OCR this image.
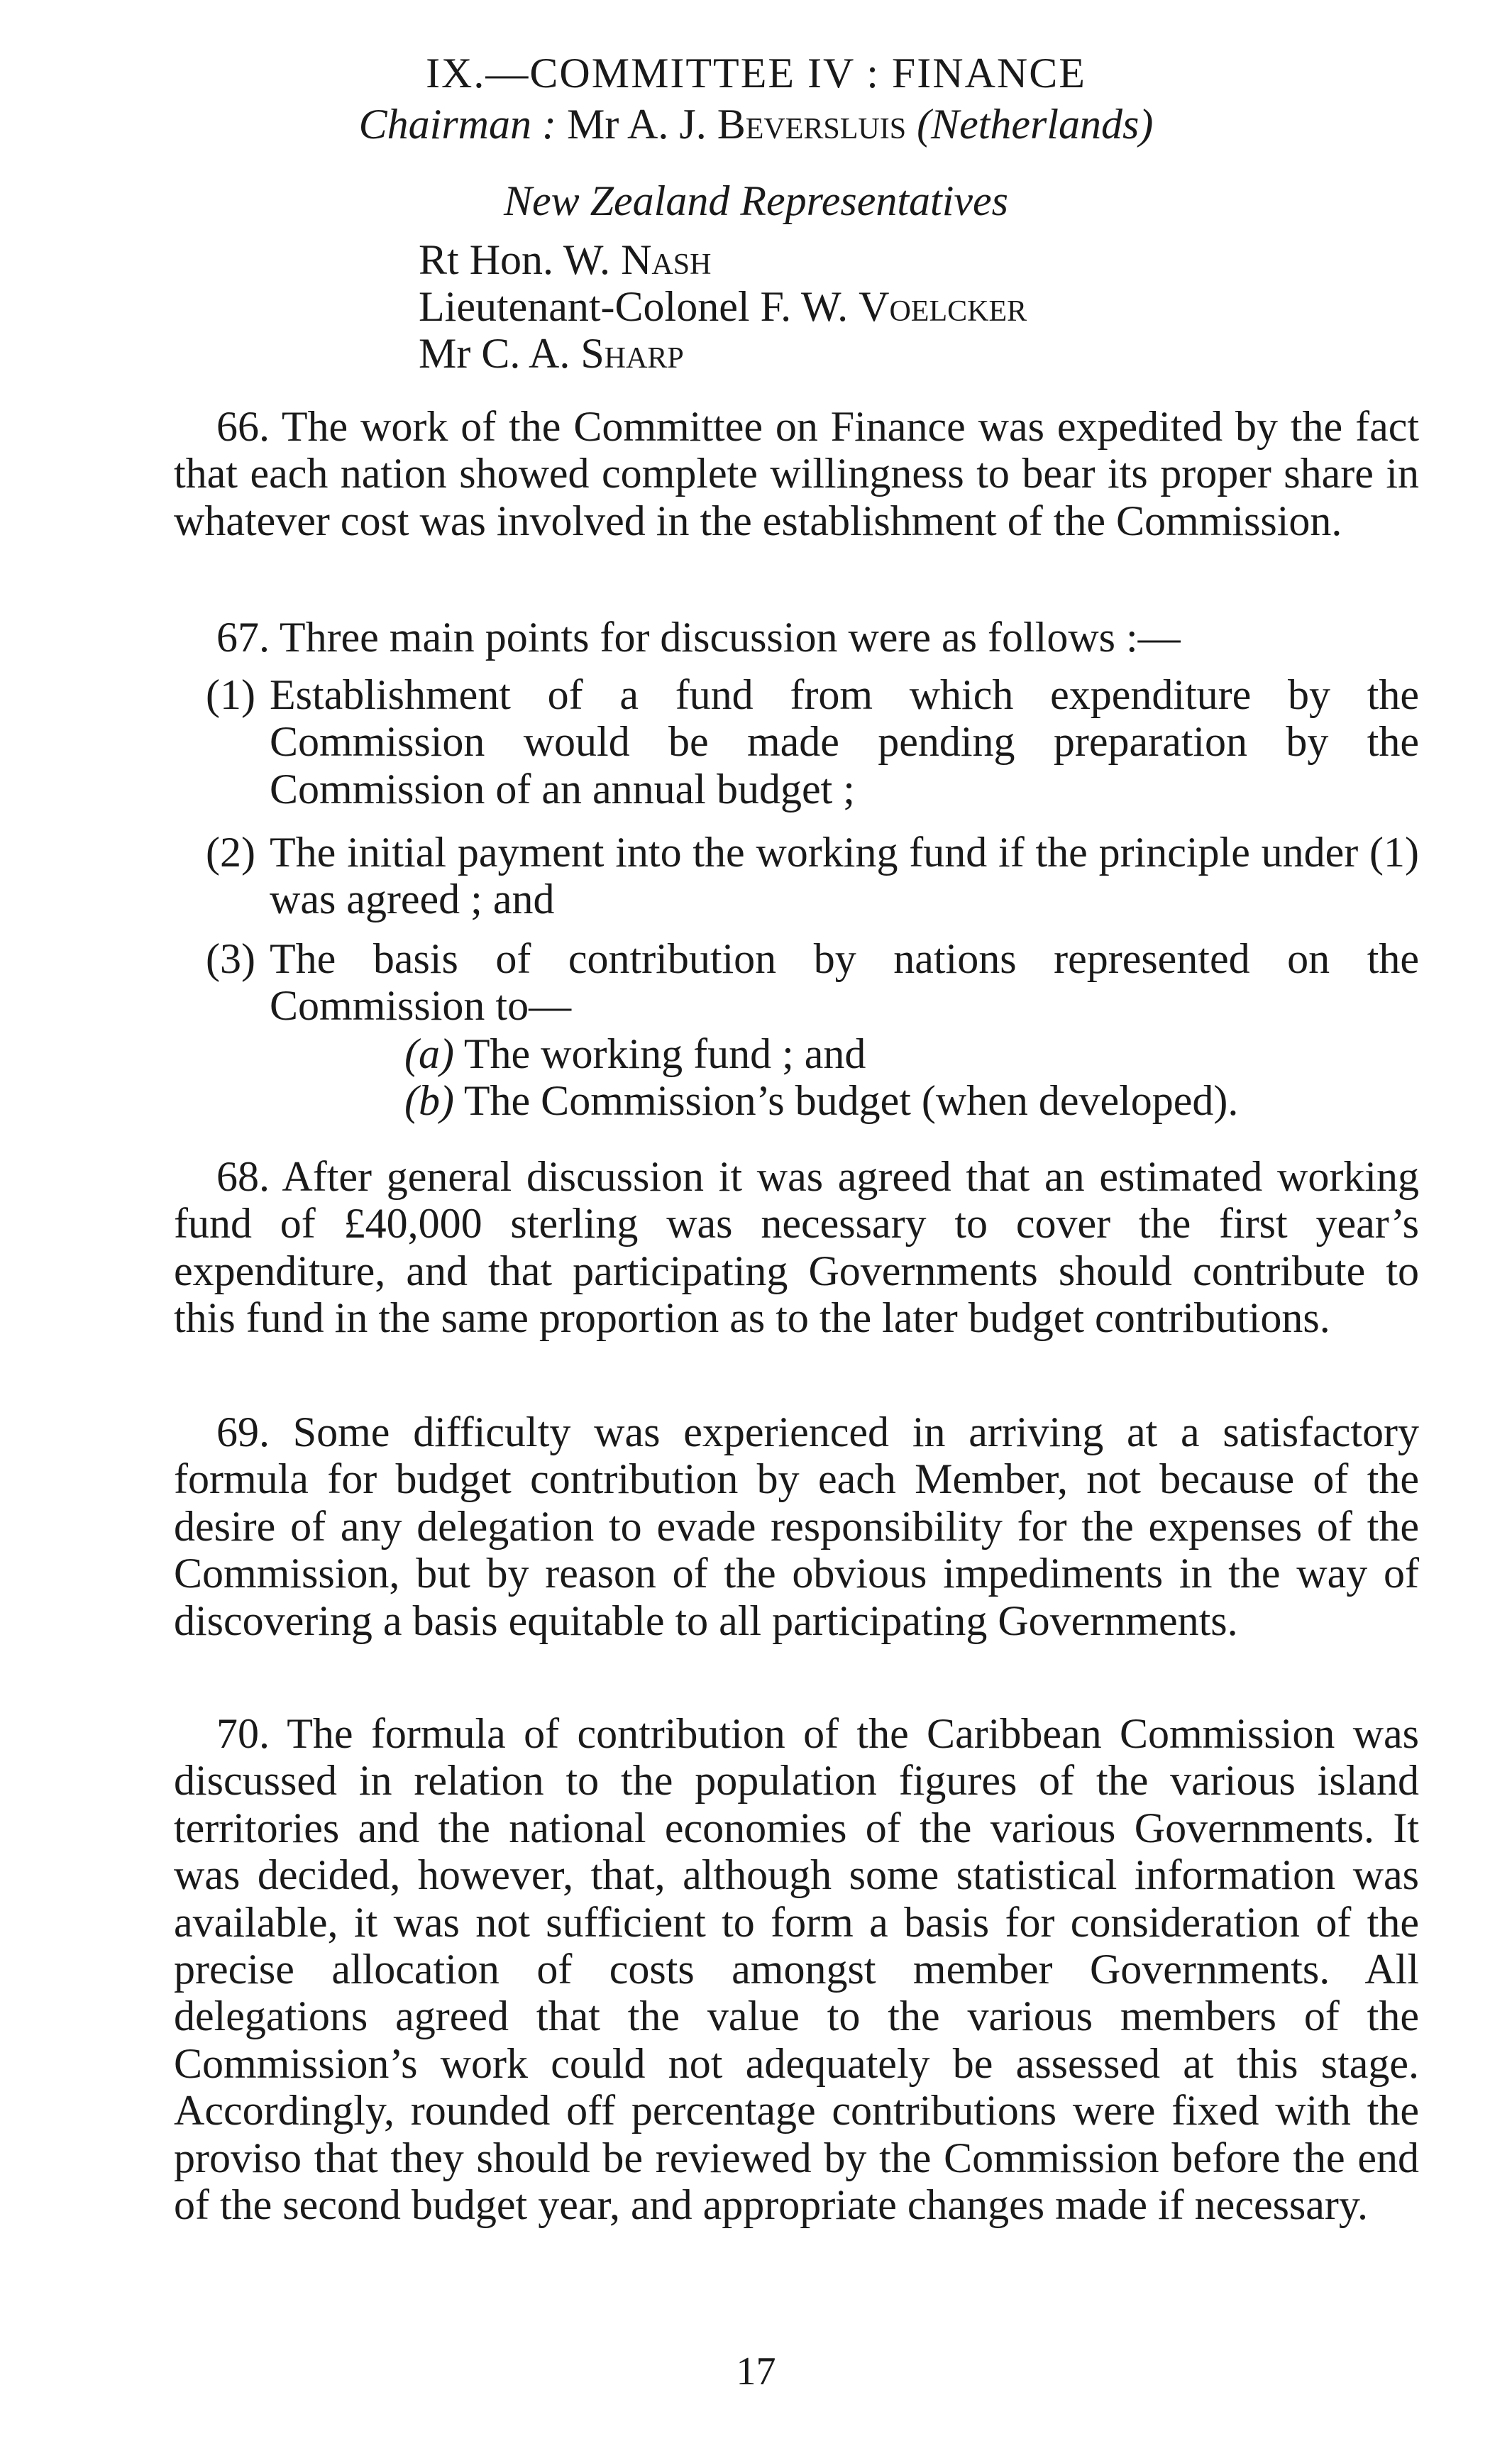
IX.—COMMITTEE IV : FINANCE
Chairman : Mr A. J. Beversluis (Netherlands)
New Zealand Representatives
Rt Hon. W. Nash
Lieutenant-Colonel F. W. Voelcker
Mr C. A. Sharp

66. The work of the Committee on Finance was expedited by the fact that each nation showed complete willingness to bear its proper share in whatever cost was involved in the establishment of the Commission.

67. Three main points for discussion were as follows :—

(1) Establishment of a fund from which expenditure by the Commission would be made pending preparation by the Commission of an annual budget ;
(2) The initial payment into the working fund if the principle under (1) was agreed ; and
(3) The basis of contribution by nations represented on the Commission to—
(a) The working fund ; and
(b) The Commission’s budget (when developed).

68. After general discussion it was agreed that an estimated working fund of £40,000 sterling was necessary to cover the first year’s expenditure, and that participating Governments should contribute to this fund in the same proportion as to the later budget contributions.

69. Some difficulty was experienced in arriving at a satisfactory formula for budget contribution by each Member, not because of the desire of any delegation to evade responsibility for the expenses of the Commission, but by reason of the obvious impediments in the way of discovering a basis equitable to all participating Governments.

70. The formula of contribution of the Caribbean Commission was discussed in relation to the population figures of the various island territories and the national economies of the various Governments. It was decided, however, that, although some statistical information was available, it was not sufficient to form a basis for consideration of the precise allocation of costs amongst member Governments. All delegations agreed that the value to the various members of the Commission’s work could not adequately be assessed at this stage. Accordingly, rounded off percentage contributions were fixed with the proviso that they should be reviewed by the Commission before the end of the second budget year, and appropriate changes made if necessary.

17
